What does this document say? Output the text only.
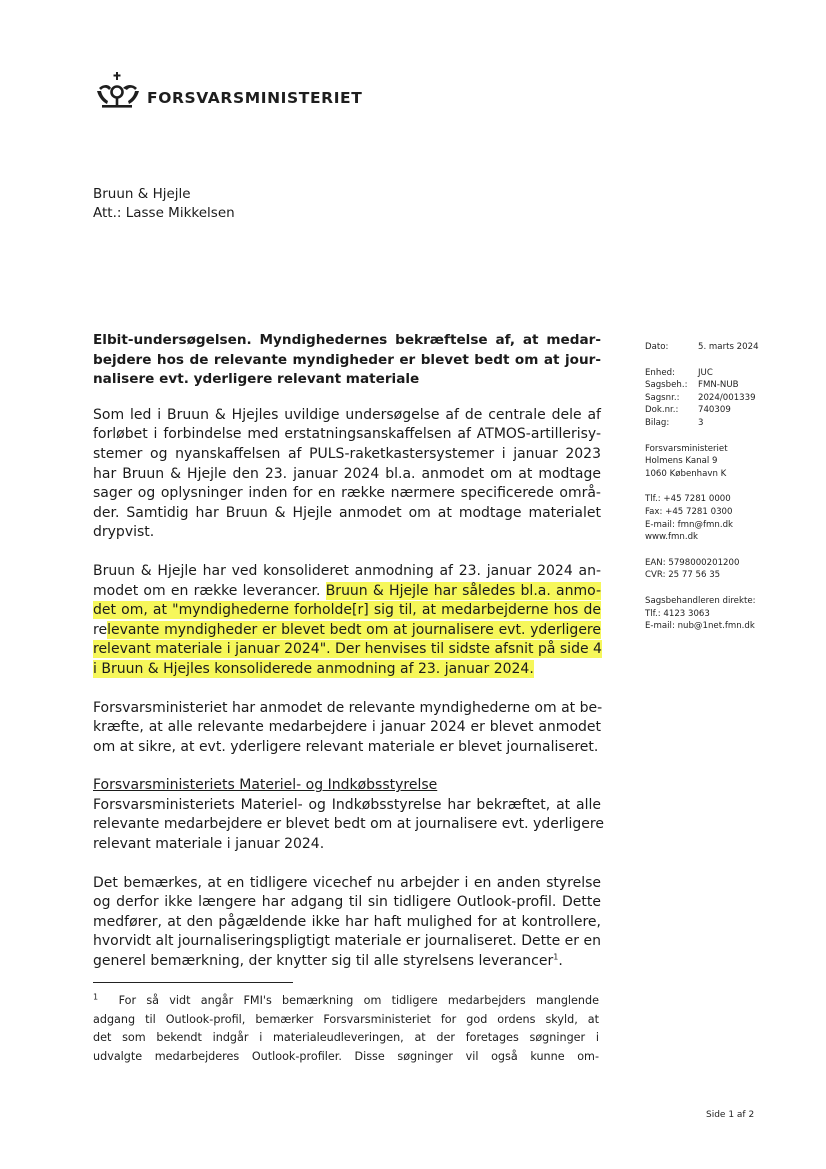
FORSVARSMINISTERIET
Bruun & Hjejle
Att.: Lasse Mikkelsen
Elbit-undersøgelsen. Myndighedernes bekræftelse af, at medar-
bejdere hos de relevante myndigheder er blevet bedt om at jour-
nalisere evt. yderligere relevant materiale
Som led i Bruun & Hjejles uvildige undersøgelse af de centrale dele af
forløbet i forbindelse med erstatningsanskaffelsen af ATMOS-artillerisy-
stemer og nyanskaffelsen af PULS-raketkastersystemer i januar 2023
har Bruun & Hjejle den 23. januar 2024 bl.a. anmodet om at modtage
sager og oplysninger inden for en række nærmere specificerede områ-
der. Samtidig har Bruun & Hjejle anmodet om at modtage materialet
drypvist.
Bruun & Hjejle har ved konsolideret anmodning af 23. januar 2024 an-
modet om en række leverancer. Bruun & Hjejle har således bl.a. anmo-
det om, at "myndighederne forholde[r] sig til, at medarbejderne hos de
relevante myndigheder er blevet bedt om at journalisere evt. yderligere
relevant materiale i januar 2024". Der henvises til sidste afsnit på side 4
i Bruun & Hjejles konsoliderede anmodning af 23. januar 2024.
Forsvarsministeriet har anmodet de relevante myndighederne om at be-
kræfte, at alle relevante medarbejdere i januar 2024 er blevet anmodet
om at sikre, at evt. yderligere relevant materiale er blevet journaliseret.
Forsvarsministeriets Materiel- og Indkøbsstyrelse
Forsvarsministeriets Materiel- og Indkøbsstyrelse har bekræftet, at alle
relevante medarbejdere er blevet bedt om at journalisere evt. yderligere
relevant materiale i januar 2024.
Det bemærkes, at en tidligere vicechef nu arbejder i en anden styrelse
og derfor ikke længere har adgang til sin tidligere Outlook-profil. Dette
medfører, at den pågældende ikke har haft mulighed for at kontrollere,
hvorvidt alt journaliseringspligtigt materiale er journaliseret. Dette er en
generel bemærkning, der knytter sig til alle styrelsens leverancer$^1$.
Dato:	5. marts 2024

Enhed:	JUC
Sagsbeh.:	FMN-NUB
Sagsnr.:	2024/001339
Dok.nr.:	740309
Bilag:	3
Forsvarsministeriet
Holmens Kanal 9
1060 København K
Tlf.: +45 7281 0000
Fax: +45 7281 0300
E-mail: fmn@fmn.dk
www.fmn.dk
EAN: 5798000201200
CVR: 25 77 56 35
Sagsbehandleren direkte:
Tlf.: 4123 3063
E-mail: nub@1net.fmn.dk
$^1$ For så vidt angår FMI's bemærkning om tidligere medarbejders manglende
adgang til Outlook-profil, bemærker Forsvarsministeriet for god ordens skyld, at
det som bekendt indgår i materialeudleveringen, at der foretages søgninger i
udvalgte medarbejderes Outlook-profiler. Disse søgninger vil også kunne om-
Side 1 af 2
